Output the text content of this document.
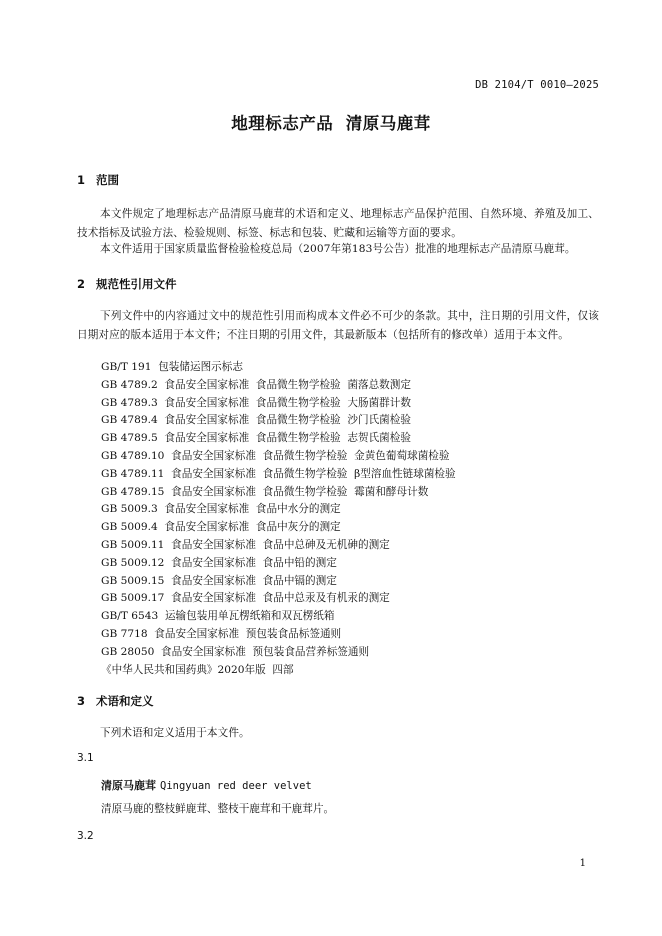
DB 2104/T 0010—2025
地理标志产品  清原马鹿茸
1 范围
本文件规定了地理标志产品清原马鹿茸的术语和定义、地理标志产品保护范围、自然环境、养殖及加工、技术指标及试验方法、检验规则、标签、标志和包装、贮藏和运输等方面的要求。
本文件适用于国家质量监督检验检疫总局（2007年第183号公告）批准的地理标志产品清原马鹿茸。
2 规范性引用文件
下列文件中的内容通过文中的规范性引用而构成本文件必不可少的条款。其中，注日期的引用文件，仅该日期对应的版本适用于本文件；不注日期的引用文件，其最新版本（包括所有的修改单）适用于本文件。
GB/T 191  包装储运图示标志
GB 4789.2  食品安全国家标准  食品微生物学检验  菌落总数测定
GB 4789.3  食品安全国家标准  食品微生物学检验  大肠菌群计数
GB 4789.4  食品安全国家标准  食品微生物学检验  沙门氏菌检验
GB 4789.5  食品安全国家标准  食品微生物学检验  志贺氏菌检验
GB 4789.10  食品安全国家标准  食品微生物学检验  金黄色葡萄球菌检验
GB 4789.11  食品安全国家标准  食品微生物学检验  β型溶血性链球菌检验
GB 4789.15  食品安全国家标准  食品微生物学检验  霉菌和酵母计数
GB 5009.3  食品安全国家标准  食品中水分的测定
GB 5009.4  食品安全国家标准  食品中灰分的测定
GB 5009.11  食品安全国家标准  食品中总砷及无机砷的测定
GB 5009.12  食品安全国家标准  食品中铅的测定
GB 5009.15  食品安全国家标准  食品中镉的测定
GB 5009.17  食品安全国家标准  食品中总汞及有机汞的测定
GB/T 6543  运输包装用单瓦楞纸箱和双瓦楞纸箱
GB 7718  食品安全国家标准  预包装食品标签通则
GB 28050  食品安全国家标准  预包装食品营养标签通则
《中华人民共和国药典》2020年版  四部
3 术语和定义
下列术语和定义适用于本文件。
3.1
清原马鹿茸 Qingyuan red deer velvet
清原马鹿的整枝鲜鹿茸、整枝干鹿茸和干鹿茸片。
3.2
1
